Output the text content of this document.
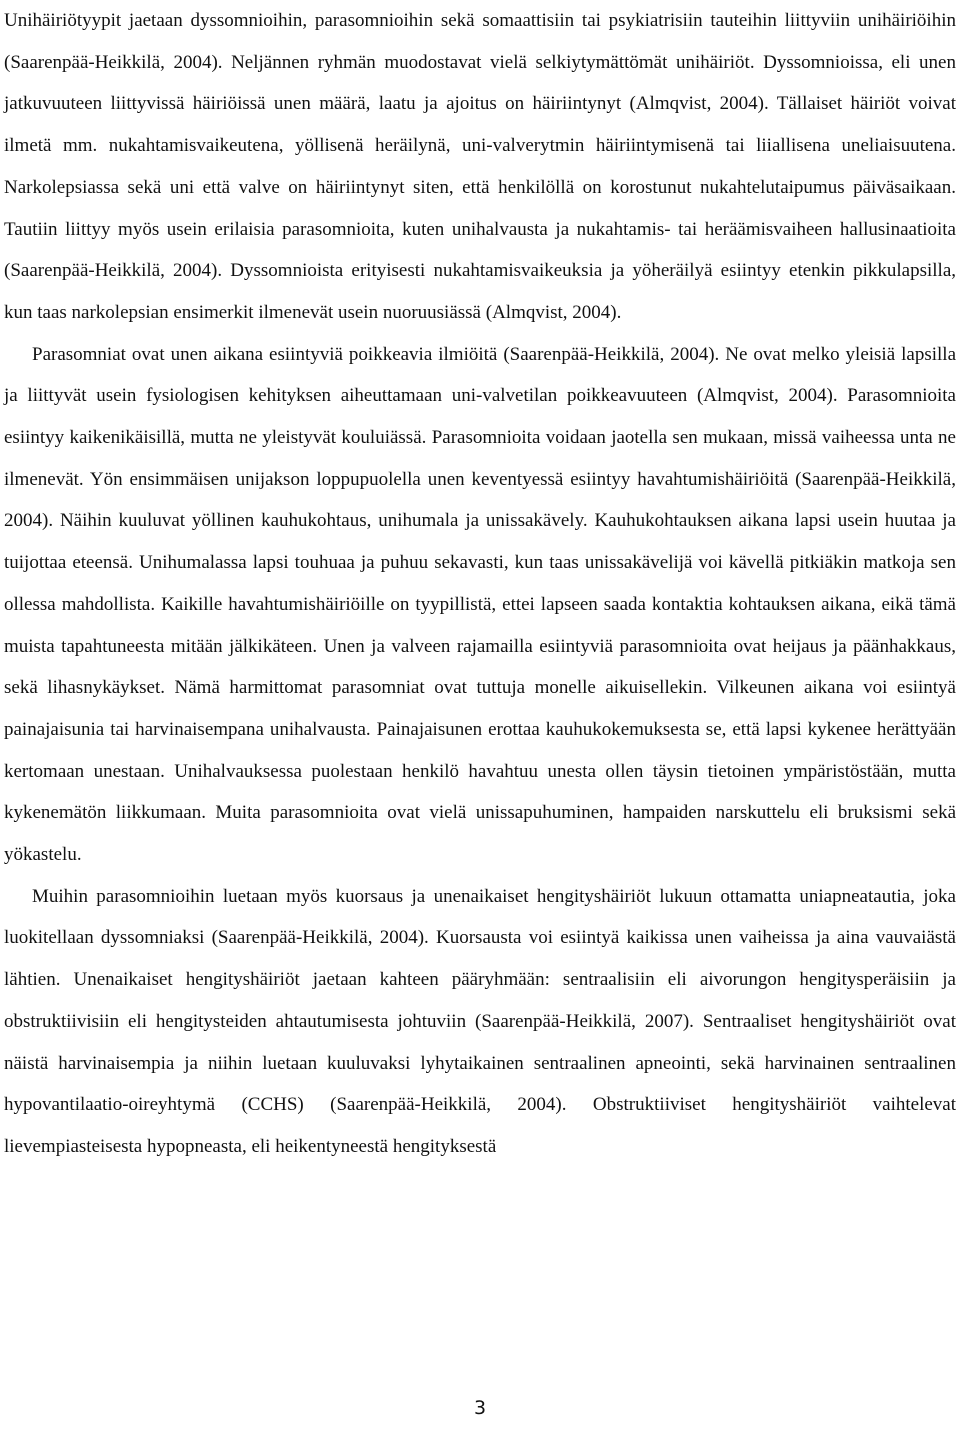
Unihäiriötyypit jaetaan dyssomnioihin, parasomnioihin sekä somaattisiin tai psykiatrisiin tauteihin liittyviin unihäiriöihin (Saarenpää-Heikkilä, 2004). Neljännen ryhmän muodostavat vielä selkiytymättömät unihäiriöt. Dyssomnioissa, eli unen jatkuvuuteen liittyvissä häiriöissä unen määrä, laatu ja ajoitus on häiriintynyt (Almqvist, 2004). Tällaiset häiriöt voivat ilmetä mm. nukahtamisvaikeutena, yöllisenä heräilynä, uni-valverytmin häiriintymisenä tai liiallisena uneliaisuutena. Narkolepsiassa sekä uni että valve on häiriintynyt siten, että henkilöllä on korostunut nukahtelutaipumus päiväsaikaan. Tautiin liittyy myös usein erilaisia parasomnioita, kuten unihalvausta ja nukahtamis- tai heräämisvaiheen hallusinaatioita (Saarenpää-Heikkilä, 2004). Dyssomnioista erityisesti nukahtamisvaikeuksia ja yöheräilyä esiintyy etenkin pikkulapsilla, kun taas narkolepsian ensimerkit ilmenevät usein nuoruusiässä (Almqvist, 2004).

Parasomniat ovat unen aikana esiintyviä poikkeavia ilmiöitä (Saarenpää-Heikkilä, 2004). Ne ovat melko yleisiä lapsilla ja liittyvät usein fysiologisen kehityksen aiheuttamaan uni-valvetilan poikkeavuuteen (Almqvist, 2004). Parasomnioita esiintyy kaikenikäisillä, mutta ne yleistyvät kouluiässä. Parasomnioita voidaan jaotella sen mukaan, missä vaiheessa unta ne ilmenevät. Yön ensimmäisen unijakson loppupuolella unen keventyessä esiintyy havahtumishäiriöitä (Saarenpää-Heikkilä, 2004). Näihin kuuluvat yöllinen kauhukohtaus, unihumala ja unissakävely. Kauhukohtauksen aikana lapsi usein huutaa ja tuijottaa eteensä. Unihumalassa lapsi touhuaa ja puhuu sekavasti, kun taas unissakävelijä voi kävellä pitkiäkin matkoja sen ollessa mahdollista. Kaikille havahtumishäiriöille on tyypillistä, ettei lapseen saada kontaktia kohtauksen aikana, eikä tämä muista tapahtuneesta mitään jälkikäteen. Unen ja valveen rajamailla esiintyviä parasomnioita ovat heijaus ja päänhakkaus, sekä lihasnykäykset. Nämä harmittomat parasomniat ovat tuttuja monelle aikuisellekin. Vilkeunen aikana voi esiintyä painajaisunia tai harvinaisempana unihalvausta. Painajaisunen erottaa kauhukokemuksesta se, että lapsi kykenee herättyään kertomaan unestaan. Unihalvauksessa puolestaan henkilö havahtuu unesta ollen täysin tietoinen ympäristöstään, mutta kykenemätön liikkumaan. Muita parasomnioita ovat vielä unissapuhuminen, hampaiden narskuttelu eli bruksismi sekä yökastelu.

Muihin parasomnioihin luetaan myös kuorsaus ja unenaikaiset hengityshäiriöt lukuun ottamatta uniapneatautia, joka luokitellaan dyssomniaksi (Saarenpää-Heikkilä, 2004). Kuorsausta voi esiintyä kaikissa unen vaiheissa ja aina vauvaiästä lähtien. Unenaikaiset hengityshäiriöt jaetaan kahteen pääryhmään: sentraalisiin eli aivorungon hengitysperäisiin ja obstruktiivisiin eli hengitysteiden ahtautumisesta johtuviin (Saarenpää-Heikkilä, 2007). Sentraaliset hengityshäiriöt ovat näistä harvinaisempia ja niihin luetaan kuuluvaksi lyhytaikainen sentraalinen apneointi, sekä harvinainen sentraalinen hypovantilaatio-oireyhtymä (CCHS) (Saarenpää-Heikkilä, 2004). Obstruktiiviset hengityshäiriöt vaihtelevat lievempiasteisesta hypopneasta, eli heikentyneestä hengityksestä

3
